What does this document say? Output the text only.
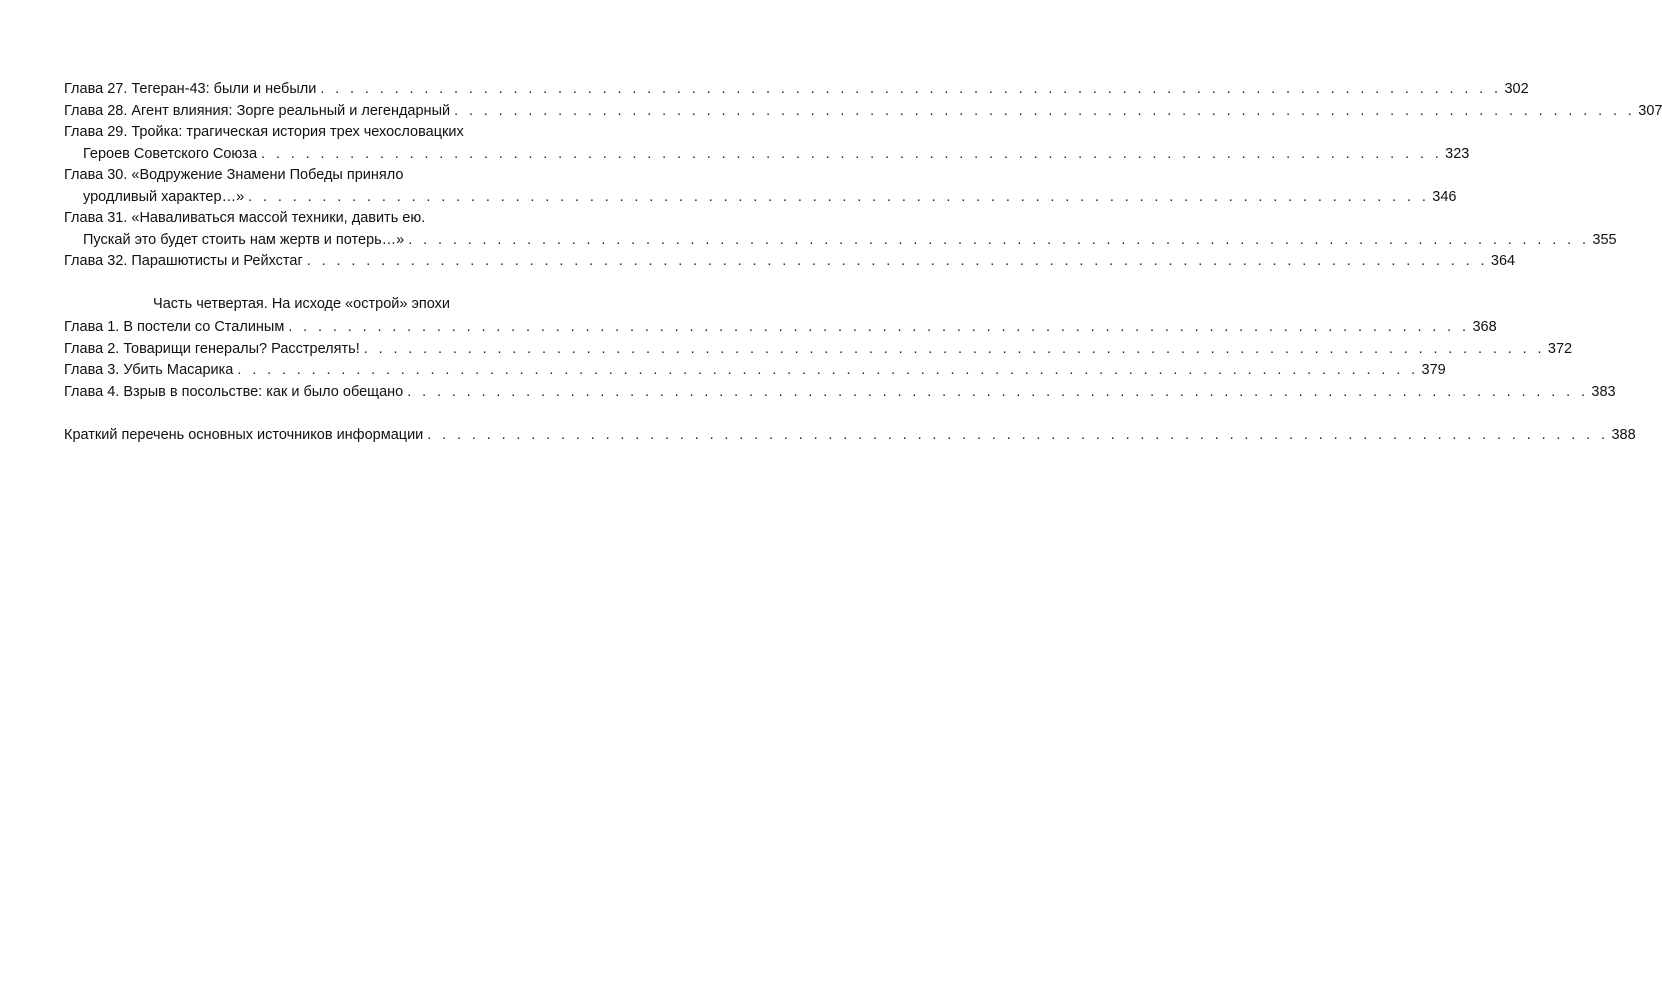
Глава 27. Тегеран-43: были и небыли . . . . . . . . . . . . . . . . . . . . . . . . . . . . . . . . . . . . . . . . . . . . . . . . . . . . . . . . . . . . . . . . . . . . . . . . . . . . . . . . 302
Глава 28. Агент влияния: Зорге реальный и легендарный . . . . . . . . . . . . . . . . . . . . . . . . . . . . . . . . . . . . . . . . . . . . . . . . . . . . . . . . . . . . . . . . . . . . . . . . . . . . . . . . 307
Глава 29. Тройка: трагическая история трех чехословацких
Героев Советского Союза . . . . . . . . . . . . . . . . . . . . . . . . . . . . . . . . . . . . . . . . . . . . . . . . . . . . . . . . . . . . . . . . . . . . . . . . . . . . . . . . 323
Глава 30. «Водружение Знамени Победы приняло
уродливый характер…» . . . . . . . . . . . . . . . . . . . . . . . . . . . . . . . . . . . . . . . . . . . . . . . . . . . . . . . . . . . . . . . . . . . . . . . . . . . . . . . . 346
Глава 31. «Наваливаться массой техники, давить ею.
Пускай это будет стоить нам жертв и потерь…» . . . . . . . . . . . . . . . . . . . . . . . . . . . . . . . . . . . . . . . . . . . . . . . . . . . . . . . . . . . . . . . . . . . . . . . . . . . . . . . . 355
Глава 32. Парашютисты и Рейхстаг . . . . . . . . . . . . . . . . . . . . . . . . . . . . . . . . . . . . . . . . . . . . . . . . . . . . . . . . . . . . . . . . . . . . . . . . . . . . . . . . 364
Часть четвертая. На исходе «острой» эпохи
Глава 1. В постели со Сталиным . . . . . . . . . . . . . . . . . . . . . . . . . . . . . . . . . . . . . . . . . . . . . . . . . . . . . . . . . . . . . . . . . . . . . . . . . . . . . . . . 368
Глава 2. Товарищи генералы? Расстрелять! . . . . . . . . . . . . . . . . . . . . . . . . . . . . . . . . . . . . . . . . . . . . . . . . . . . . . . . . . . . . . . . . . . . . . . . . . . . . . . . . 372
Глава 3. Убить Масарика . . . . . . . . . . . . . . . . . . . . . . . . . . . . . . . . . . . . . . . . . . . . . . . . . . . . . . . . . . . . . . . . . . . . . . . . . . . . . . . . 379
Глава 4. Взрыв в посольстве: как и было обещано . . . . . . . . . . . . . . . . . . . . . . . . . . . . . . . . . . . . . . . . . . . . . . . . . . . . . . . . . . . . . . . . . . . . . . . . . . . . . . . . 383
Краткий перечень основных источников информации . . . . . . . . . . . . . . . . . . . . . . . . . . . . . . . . . . . . . . . . . . . . . . . . . . . . . . . . . . . . . . . . . . . . . . . . . . . . . . . . 388
